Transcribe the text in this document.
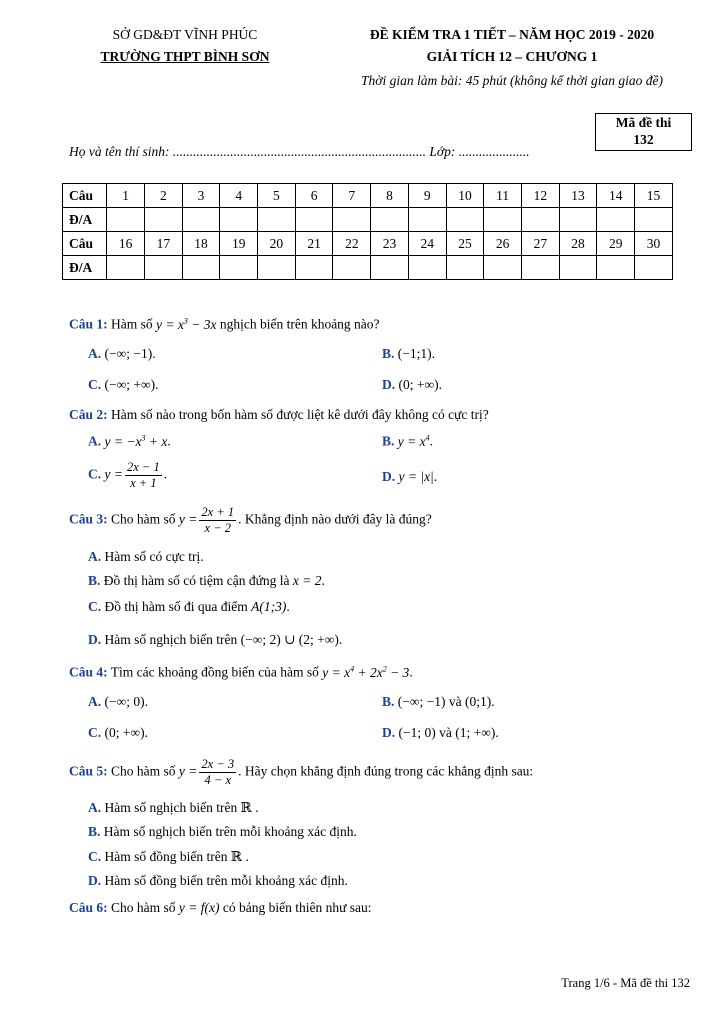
SỞ GD&ĐT VĨNH PHÚC
TRƯỜNG THPT BÌNH SƠN
ĐỀ KIỂM TRA 1 TIẾT – NĂM HỌC 2019 - 2020
GIẢI TÍCH 12 – CHƯƠNG 1
Thời gian làm bài: 45 phút (không kể thời gian giao đề)
Mã đề thi
132
Họ và tên thí sinh: ........................................................................... Lớp: .....................
Câu	1	2	3	4	5	6	7	8	9	10	11	12	13	14	15
Đ/A															
Câu	16	17	18	19	20	21	22	23	24	25	26	27	28	29	30
Đ/A															
Câu 1: Hàm số $y = x^3 - 3x$ nghịch biến trên khoảng nào?
A. (−∞; −1).	B. (−1;1).
C. (−∞; +∞).	D. (0; +∞).
Câu 2: Hàm số nào trong bốn hàm số được liệt kê dưới đây không có cực trị?
A. $y = -x^3 + x$.	B. $y = x^4$.
C. $y = \frac{2x - 1}{x + 1}$ .	D. y = |x|.
Câu 3: Cho hàm số $y = \frac{2x + 1}{x - 2}$ . Khẳng định nào dưới đây là đúng?
A. Hàm số có cực trị.
B. Đồ thị hàm số có tiệm cận đứng là x = 2.
C. Đồ thị hàm số đi qua điểm A(1;3).
D. Hàm số nghịch biến trên (−∞; 2) ∪ (2; +∞).
Câu 4: Tìm các khoảng đồng biến của hàm số $y = x^4 + 2x^2 - 3$.
A. (−∞; 0).	B. (−∞; −1) và (0;1).
C. (0; +∞).	D. (−1; 0) và (1; +∞).
Câu 5: Cho hàm số $y = \frac{2x - 3}{4 - x}$ . Hãy chọn khẳng định đúng trong các khẳng định sau:
A. Hàm số nghịch biến trên ℝ .
B. Hàm số nghịch biến trên mỗi khoảng xác định.
C. Hàm số đồng biến trên ℝ .
D. Hàm số đồng biến trên mỗi khoảng xác định.
Câu 6: Cho hàm số y = f(x) có bảng biến thiên như sau:
Trang 1/6 - Mã đề thi 132
